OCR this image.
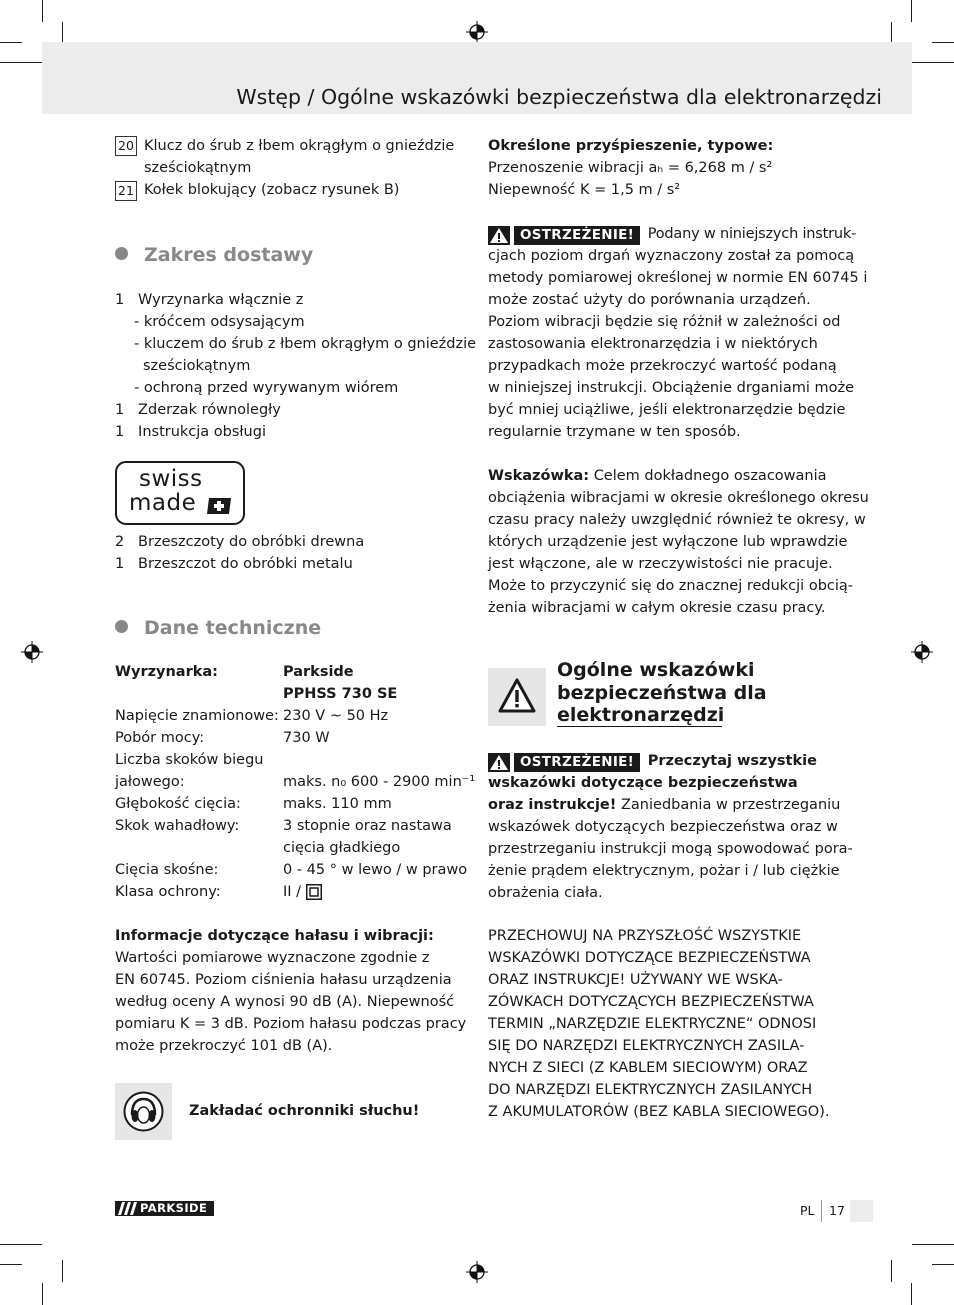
Wstęp / Ogólne wskazówki bezpieczeństwa dla elektronarzędzi
20 Klucz do śrub z łbem okrągłym o gnieździe sześciokątnym
21 Kołek blokujący (zobacz rysunek B)
Zakres dostawy
1   Wyrzynarka włącznie z
- króćcem odsysającym
- kluczem do śrub z łbem okrągłym o gnieździe
sześciokątnym
- ochroną przed wyrywanym wiórem
1   Zderzak równoległy
1   Instrukcja obsługi
swiss
made
2   Brzeszczoty do obróbki drewna
1   Brzeszczot do obróbki metalu
Dane techniczne
Wyrzynarka:	Parkside
PPHSS 730 SE
Napięcie znamionowe: 230 V ~ 50 Hz
Pobór mocy:	730 W
Liczba skoków biegu
jałowego:	maks. n₀ 600 - 2900 min⁻¹
Głębokość cięcia:	maks. 110 mm
Skok wahadłowy:	3 stopnie oraz nastawa
cięcia gładkiego
Cięcia skośne:	0 - 45 ° w lewo / w prawo
Klasa ochrony:	II /
Informacje dotyczące hałasu i wibracji:
Wartości pomiarowe wyznaczone zgodnie z
EN 60745. Poziom ciśnienia hałasu urządzenia
według oceny A wynosi 90 dB (A). Niepewność
pomiaru K = 3 dB. Poziom hałasu podczas pracy
może przekroczyć 101 dB (A).
Zakładać ochronniki słuchu!
Określone przyśpieszenie, typowe:
Przenoszenie wibracji aₕ = 6,268 m / s²
Niepewność K = 1,5 m / s²
OSTRZEŻENIE! Podany w niniejszych instruk-
cjach poziom drgań wyznaczony został za pomocą
metody pomiarowej określonej w normie EN 60745 i
może zostać użyty do porównania urządzeń.
Poziom wibracji będzie się różnił w zależności od
zastosowania elektronarzędzia i w niektórych
przypadkach może przekroczyć wartość podaną
w niniejszej instrukcji. Obciążenie drganiami może
być mniej uciążliwe, jeśli elektronarzędzie będzie
regularnie trzymane w ten sposób.
Wskazówka: Celem dokładnego oszacowania
obciążenia wibracjami w okresie określonego okresu
czasu pracy należy uwzględnić również te okresy, w
których urządzenie jest wyłączone lub wprawdzie
jest włączone, ale w rzeczywistości nie pracuje.
Może to przyczynić się do znacznej redukcji obcią-
żenia wibracjami w całym okresie czasu pracy.
Ogólne wskazówki
bezpieczeństwa dla
elektronarzędzi
OSTRZEŻENIE! Przeczytaj wszystkie
wskazówki dotyczące bezpieczeństwa
oraz instrukcje! Zaniedbania w przestrzeganiu
wskazówek dotyczących bezpieczeństwa oraz w
przestrzeganiu instrukcji mogą spowodować pora-
żenie prądem elektrycznym, pożar i / lub ciężkie
obrażenia ciała.
PRZECHOWUJ NA PRZYSZŁOŚĆ WSZYSTKIE
WSKAZÓWKI DOTYCZĄCE BEZPIECZEŃSTWA
ORAZ INSTRUKCJE! UŻYWANY WE WSKA-
ZÓWKACH DOTYCZĄCYCH BEZPIECZEŃSTWA
TERMIN „NARZĘDZIE ELEKTRYCZNE“ ODNOSI
SIĘ DO NARZĘDZI ELEKTRYCZNYCH ZASILA-
NYCH Z SIECI (Z KABLEM SIECIOWYM) ORAZ
DO NARZĘDZI ELEKTRYCZNYCH ZASILANYCH
Z AKUMULATORÓW (BEZ KABLA SIECIOWEGO).
PARKSIDE	PL 17
